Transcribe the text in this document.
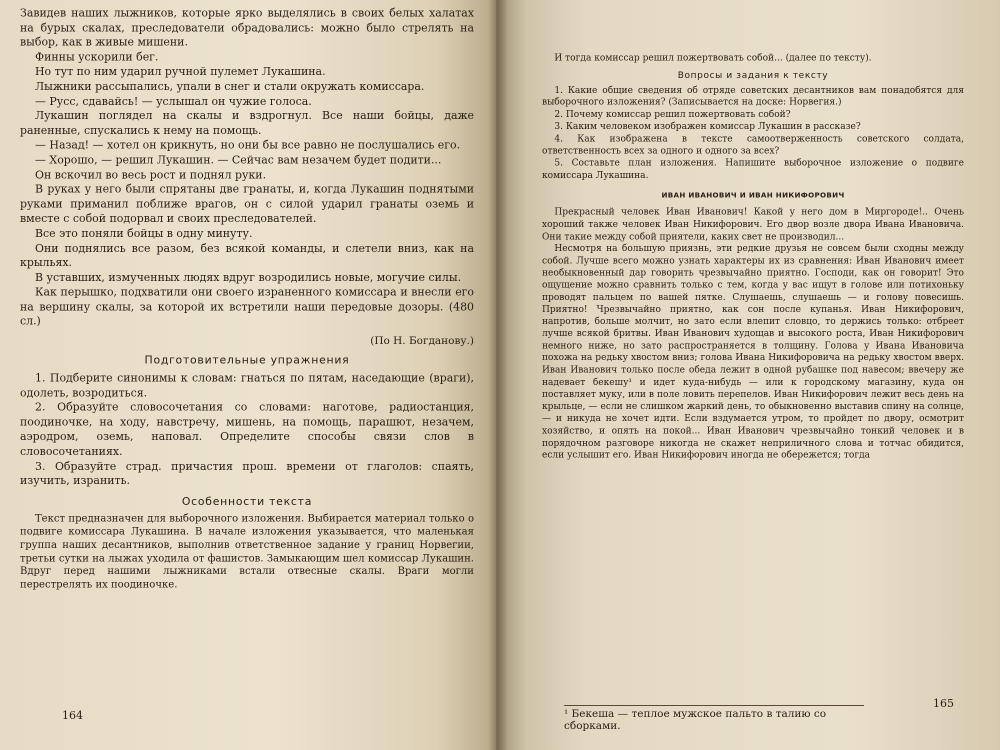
Завидев наших лыжников, которые ярко выделялись в своих белых халатах на бурых скалах, преследователи обрадовались: можно было стрелять на выбор, как в живые мишени.

Финны ускорили бег.

Но тут по ним ударил ручной пулемет Лукашина.

Лыжники рассыпались, упали в снег и стали окружать комиссара.

— Русс, сдавайсь! — услышал он чужие голоса.

Лукашин поглядел на скалы и вздрогнул. Все наши бойцы, даже раненные, спускались к нему на помощь.

— Назад! — хотел он крикнуть, но они бы все равно не послушались его.

— Хорошо, — решил Лукашин. — Сейчас вам незачем будет подити...

Он вскочил во весь рост и поднял руки.

В руках у него были спрятаны две гранаты, и, когда Лукашин поднятыми руками приманил поближе врагов, он с силой ударил гранаты оземь и вместе с собой подорвал и своих преследователей.

Все это поняли бойцы в одну минуту.

Они поднялись все разом, без всякой команды, и слетели вниз, как на крыльях.

В уставших, измученных людях вдруг возродились новые, могучие силы.

Как перышко, подхватили они своего израненного комиссара и внесли его на вершину скалы, за которой их встретили наши передовые дозоры. (480 сл.)

(По Н. Богданову.)
Подготовительные упражнения

1. Подберите синонимы к словам: гнаться по пятам, наседающие (враги), одолеть, возродиться.

2. Образуйте словосочетания со словами: наготове, радиостанция, поодиночке, на ходу, навстречу, мишень, на помощь, парашют, незачем, аэродром, оземь, наповал. Определите способы связи слов в словосочетаниях.

3. Образуйте страд. причастия прош. времени от глаголов: спаять, изучить, изранить.

Особенности текста

Текст предназначен для выборочного изложения. Выбирается материал только о подвиге комиссара Лукашина. В начале изложения указывается, что маленькая группа наших десантников, выполнив ответственное задание у границ Норвегии, третьи сутки на лыжах уходила от фашистов. Замыкающим шел комиссар Лукашин. Вдруг перед нашими лыжниками встали отвесные скалы. Враги могли перестрелять их поодиночке.

164

И тогда комиссар решил пожертвовать собой... (далее по тексту).

Вопросы и задания к тексту

1. Какие общие сведения об отряде советских десантников вам понадобятся для выборочного изложения? (Записывается на доске: Норвегия.)

2. Почему комиссар решил пожертвовать собой?

3. Каким человеком изображен комиссар Лукашин в рассказе?

4. Как изображена в тексте самоотверженность советского солдата, ответственность всех за одного и одного за всех?

5. Составьте план изложения. Напишите выборочное изложение о подвиге комиссара Лукашина.

ИВАН ИВАНОВИЧ И ИВАН НИКИФОРОВИЧ

Прекрасный человек Иван Иванович! Какой у него дом в Миргороде!.. Очень хороший также человек Иван Никифорович. Его двор возле двора Ивана Ивановича. Они такие между собой приятели, каких свет не производил...

Несмотря на большую приязнь, эти редкие друзья не совсем были сходны между собой. Лучше всего можно узнать характеры их из сравнения: Иван Иванович имеет необыкновенный дар говорить чрезвычайно приятно. Господи, как он говорит! Это ощущение можно сравнить только с тем, когда у вас ищут в голове или потихоньку проводят пальцем по вашей пятке. Слушаешь, слушаешь — и голову повесишь. Приятно! Чрезвычайно приятно, как сон после купанья. Иван Никифорович, напротив, больше молчит, но зато если влепит словцо, то держись только: отбреет лучше всякой бритвы. Иван Иванович худощав и высокого роста, Иван Никифорович немного ниже, но зато распространяется в толщину. Голова у Ивана Ивановича похожа на редьку хвостом вниз; голова Ивана Никифоровича на редьку хвостом вверх. Иван Иванович только после обеда лежит в одной рубашке под навесом; ввечеру же надевает бекешу¹ и идет куда-нибудь — или к городскому магазину, куда он поставляет муку, или в поле ловить перепелов. Иван Никифорович лежит весь день на крыльце, — если не слишком жаркий день, то обыкновенно выставив спину на солнце, — и никуда не хочет идти. Если вздумается утром, то пройдет по двору, осмотрит хозяйство, и опять на покой... Иван Иванович чрезвычайно тонкий человек и в порядочном разговоре никогда не скажет неприличного слова и тотчас обидится, если услышит его. Иван Никифорович иногда не обережется; тогда

¹ Бекеша — теплое мужское пальто в талию со сборками.
165
